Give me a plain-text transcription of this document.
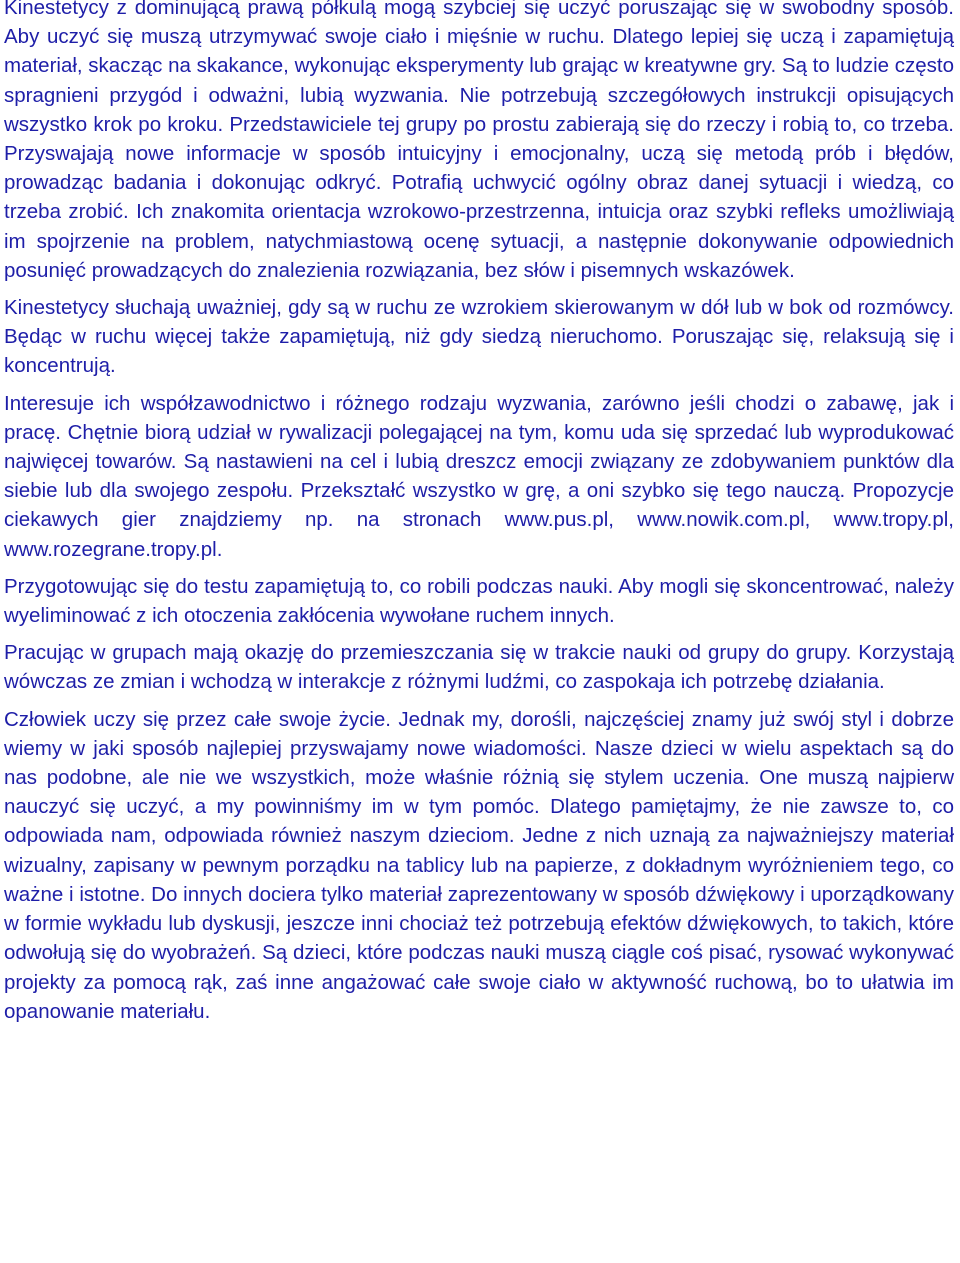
Kinestetycy z dominującą prawą półkulą mogą szybciej się uczyć poruszając się w swobodny sposób. Aby uczyć się muszą utrzymywać swoje ciało i mięśnie w ruchu. Dlatego lepiej się uczą i zapamiętują materiał, skacząc na skakance, wykonując eksperymenty lub grając w kreatywne gry. Są to ludzie często spragnieni przygód i odważni, lubią wyzwania. Nie potrzebują szczegółowych instrukcji opisujących wszystko krok po kroku. Przedstawiciele tej grupy po prostu zabierają się do rzeczy i robią to, co trzeba. Przyswajają nowe informacje w sposób intuicyjny i emocjonalny, uczą się metodą prób i błędów, prowadząc badania i dokonując odkryć. Potrafią uchwycić ogólny obraz danej sytuacji i wiedzą, co trzeba zrobić. Ich znakomita orientacja wzrokowo-przestrzenna, intuicja oraz szybki refleks umożliwiają im spojrzenie na problem, natychmiastową ocenę sytuacji, a następnie dokonywanie odpowiednich posunięć prowadzących do znalezienia rozwiązania, bez słów i pisemnych wskazówek.

Kinestetycy słuchają uważniej, gdy są w ruchu ze wzrokiem skierowanym w dół lub w bok od rozmówcy. Będąc w ruchu więcej także zapamiętują, niż gdy siedzą nieruchomo. Poruszając się, relaksują się i koncentrują.

Interesuje ich współzawodnictwo i różnego rodzaju wyzwania, zarówno jeśli chodzi o zabawę, jak i pracę. Chętnie biorą udział w rywalizacji polegającej na tym, komu uda się sprzedać lub wyprodukować najwięcej towarów. Są nastawieni na cel i lubią dreszcz emocji związany ze zdobywaniem punktów dla siebie lub dla swojego zespołu. Przekształć wszystko w grę, a oni szybko się tego nauczą. Propozycje ciekawych gier znajdziemy np. na stronach www.pus.pl, www.nowik.com.pl, www.tropy.pl, www.rozegrane.tropy.pl.

Przygotowując się do testu zapamiętują to, co robili podczas nauki. Aby mogli się skoncentrować, należy wyeliminować z ich otoczenia zakłócenia wywołane ruchem innych.

Pracując w grupach mają okazję do przemieszczania się w trakcie nauki od grupy do grupy. Korzystają wówczas ze zmian i wchodzą w interakcje z różnymi ludźmi, co zaspokaja ich potrzebę działania.

Człowiek uczy się przez całe swoje życie. Jednak my, dorośli, najczęściej znamy już swój styl i dobrze wiemy w jaki sposób najlepiej przyswajamy nowe wiadomości. Nasze dzieci w wielu aspektach są do nas podobne, ale nie we wszystkich, może właśnie różnią się stylem uczenia. One muszą najpierw nauczyć się uczyć, a my powinniśmy im w tym pomóc. Dlatego pamiętajmy, że nie zawsze to, co odpowiada nam, odpowiada również naszym dzieciom. Jedne z nich uznają za najważniejszy materiał wizualny, zapisany w pewnym porządku na tablicy lub na papierze, z dokładnym wyróżnieniem tego, co ważne i istotne. Do innych dociera tylko materiał zaprezentowany w sposób dźwiękowy i uporządkowany w formie wykładu lub dyskusji, jeszcze inni chociaż też potrzebują efektów dźwiękowych, to takich, które odwołują się do wyobrażeń. Są dzieci, które podczas nauki muszą ciągle coś pisać, rysować wykonywać projekty za pomocą rąk, zaś inne angażować całe swoje ciało w aktywność ruchową, bo to ułatwia im opanowanie materiału.
